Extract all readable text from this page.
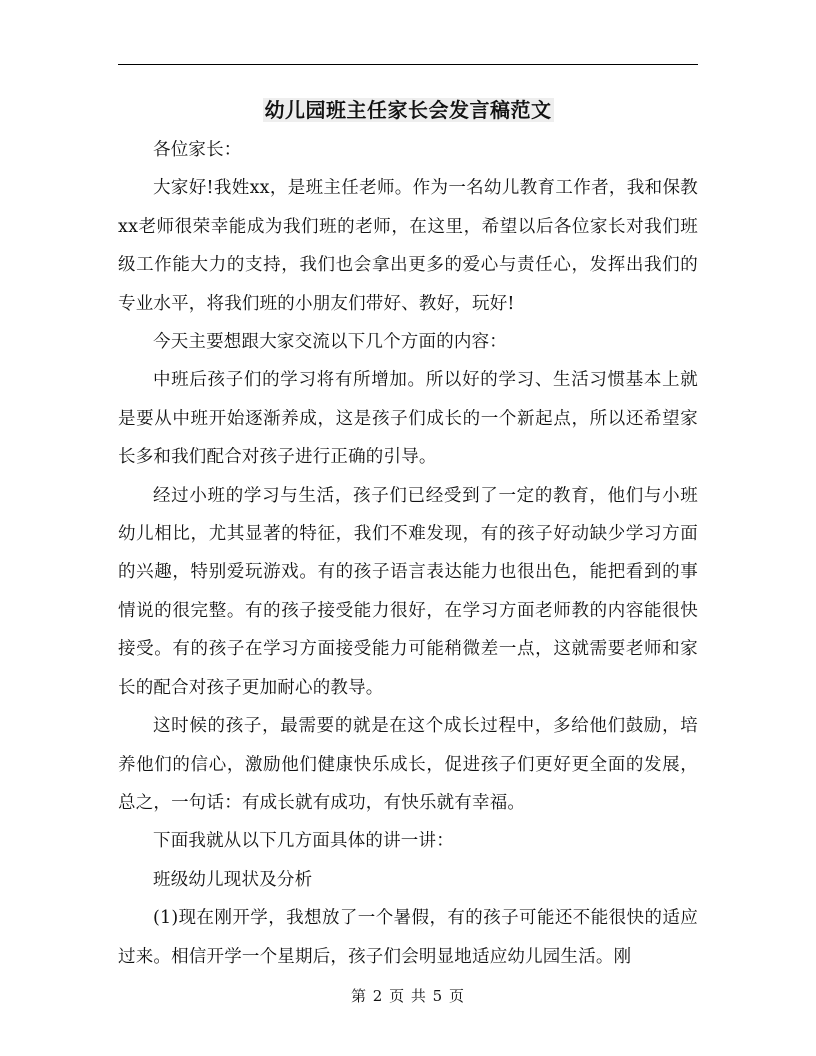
幼儿园班主任家长会发言稿范文

各位家长：

大家好!我姓xx，是班主任老师。作为一名幼儿教育工作者，我和保教xx老师很荣幸能成为我们班的老师，在这里，希望以后各位家长对我们班级工作能大力的支持，我们也会拿出更多的爱心与责任心，发挥出我们的专业水平，将我们班的小朋友们带好、教好，玩好!

今天主要想跟大家交流以下几个方面的内容：

中班后孩子们的学习将有所增加。所以好的学习、生活习惯基本上就是要从中班开始逐渐养成，这是孩子们成长的一个新起点，所以还希望家长多和我们配合对孩子进行正确的引导。

经过小班的学习与生活，孩子们已经受到了一定的教育，他们与小班幼儿相比，尤其显著的特征，我们不难发现，有的孩子好动缺少学习方面的兴趣，特别爱玩游戏。有的孩子语言表达能力也很出色，能把看到的事情说的很完整。有的孩子接受能力很好，在学习方面老师教的内容能很快接受。有的孩子在学习方面接受能力可能稍微差一点，这就需要老师和家长的配合对孩子更加耐心的教导。

这时候的孩子，最需要的就是在这个成长过程中，多给他们鼓励，培养他们的信心，激励他们健康快乐成长，促进孩子们更好更全面的发展，总之，一句话：有成长就有成功，有快乐就有幸福。

下面我就从以下几方面具体的讲一讲：

班级幼儿现状及分析

(1)现在刚开学，我想放了一个暑假，有的孩子可能还不能很快的适应过来。相信开学一个星期后，孩子们会明显地适应幼儿园生活。刚

第 2 页 共 5 页
